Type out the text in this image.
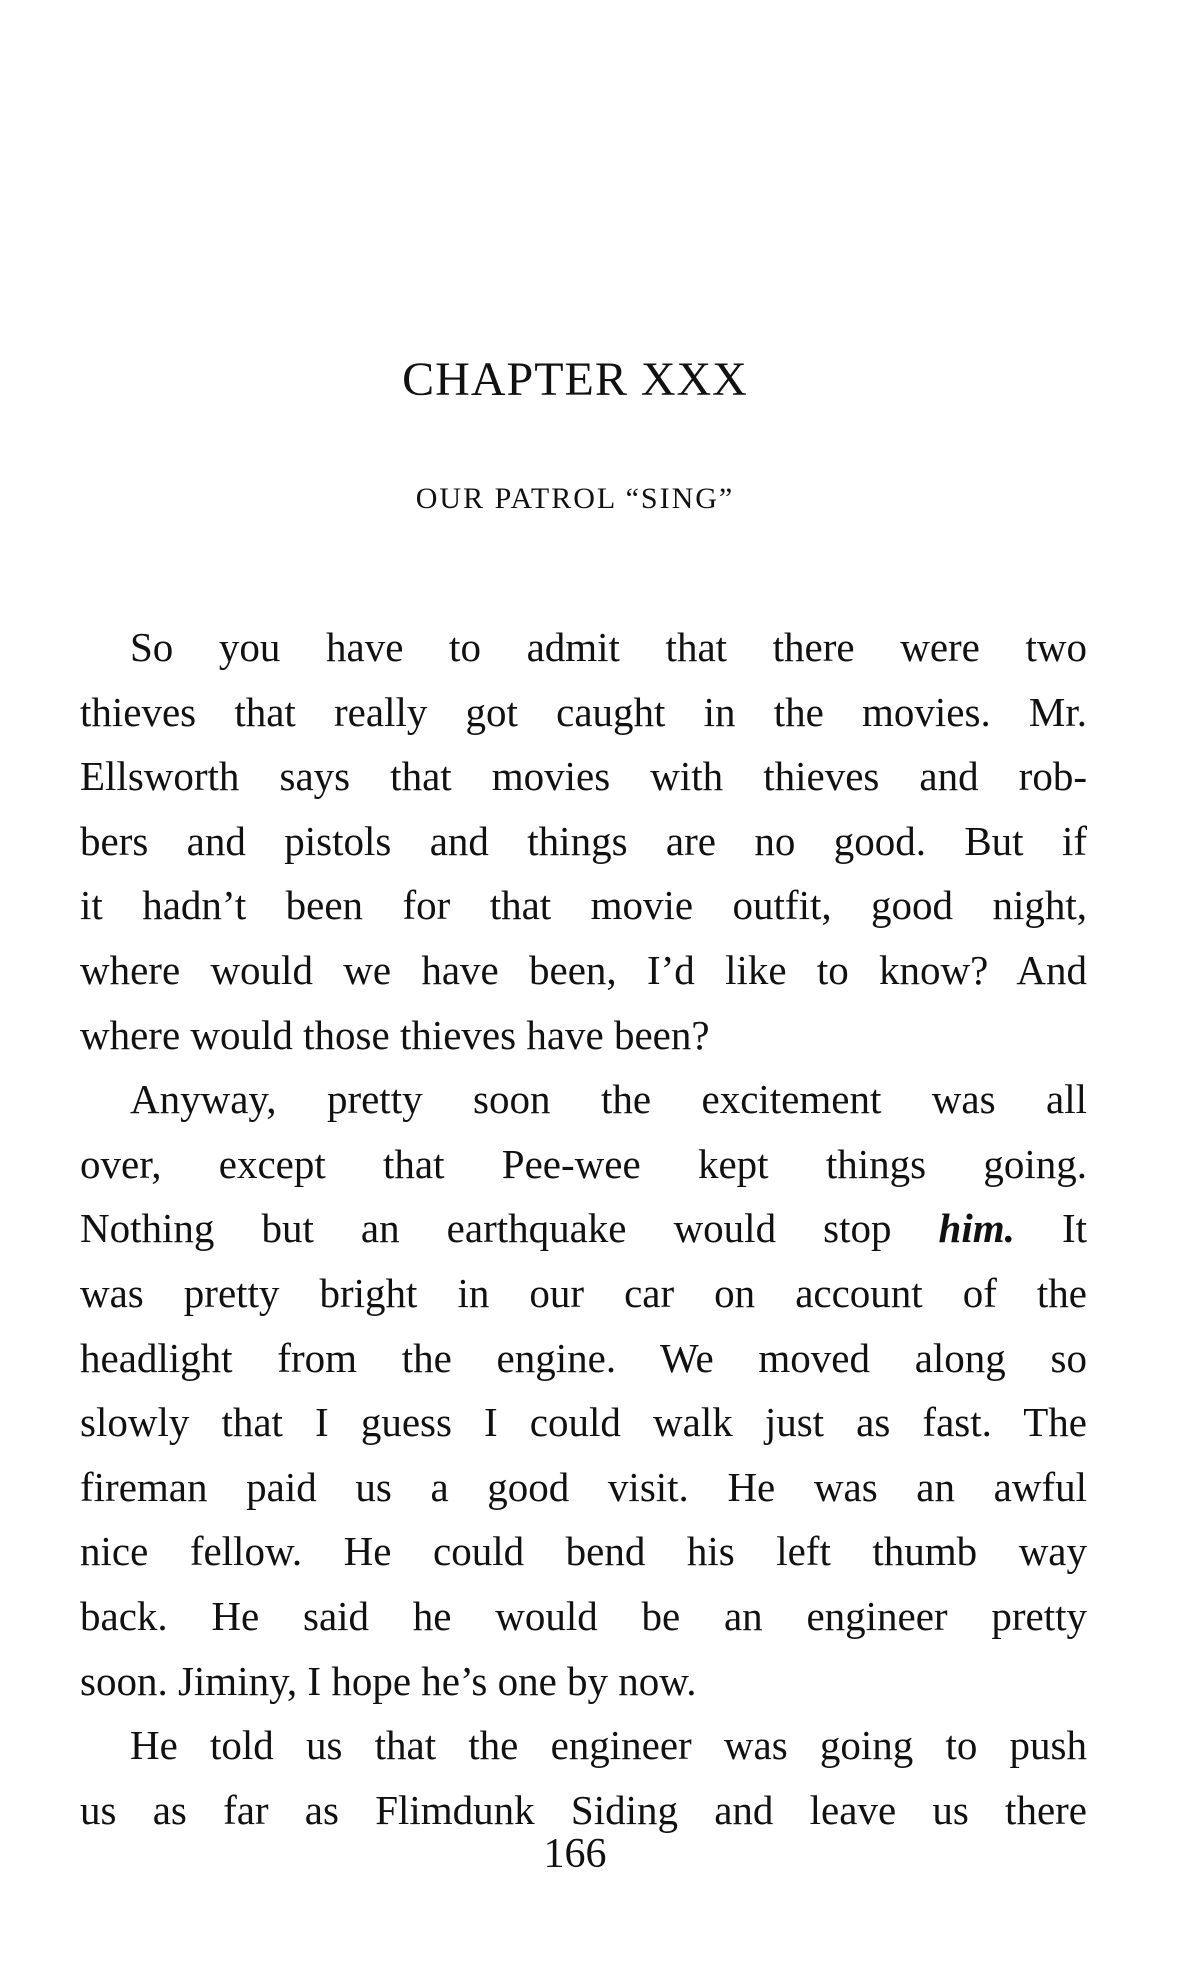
CHAPTER XXX
OUR PATROL “SING”
So you have to admit that there were two
thieves that really got caught in the movies. Mr.
Ellsworth says that movies with thieves and rob-
bers and pistols and things are no good. But if
it hadn’t been for that movie outfit, good night,
where would we have been, I’d like to know? And
where would those thieves have been?
Anyway, pretty soon the excitement was all
over, except that Pee-wee kept things going.
Nothing but an earthquake would stop him. It
was pretty bright in our car on account of the
headlight from the engine. We moved along so
slowly that I guess I could walk just as fast. The
fireman paid us a good visit. He was an awful
nice fellow. He could bend his left thumb way
back. He said he would be an engineer pretty
soon. Jiminy, I hope he’s one by now.
He told us that the engineer was going to push
us as far as Flimdunk Siding and leave us there
166
